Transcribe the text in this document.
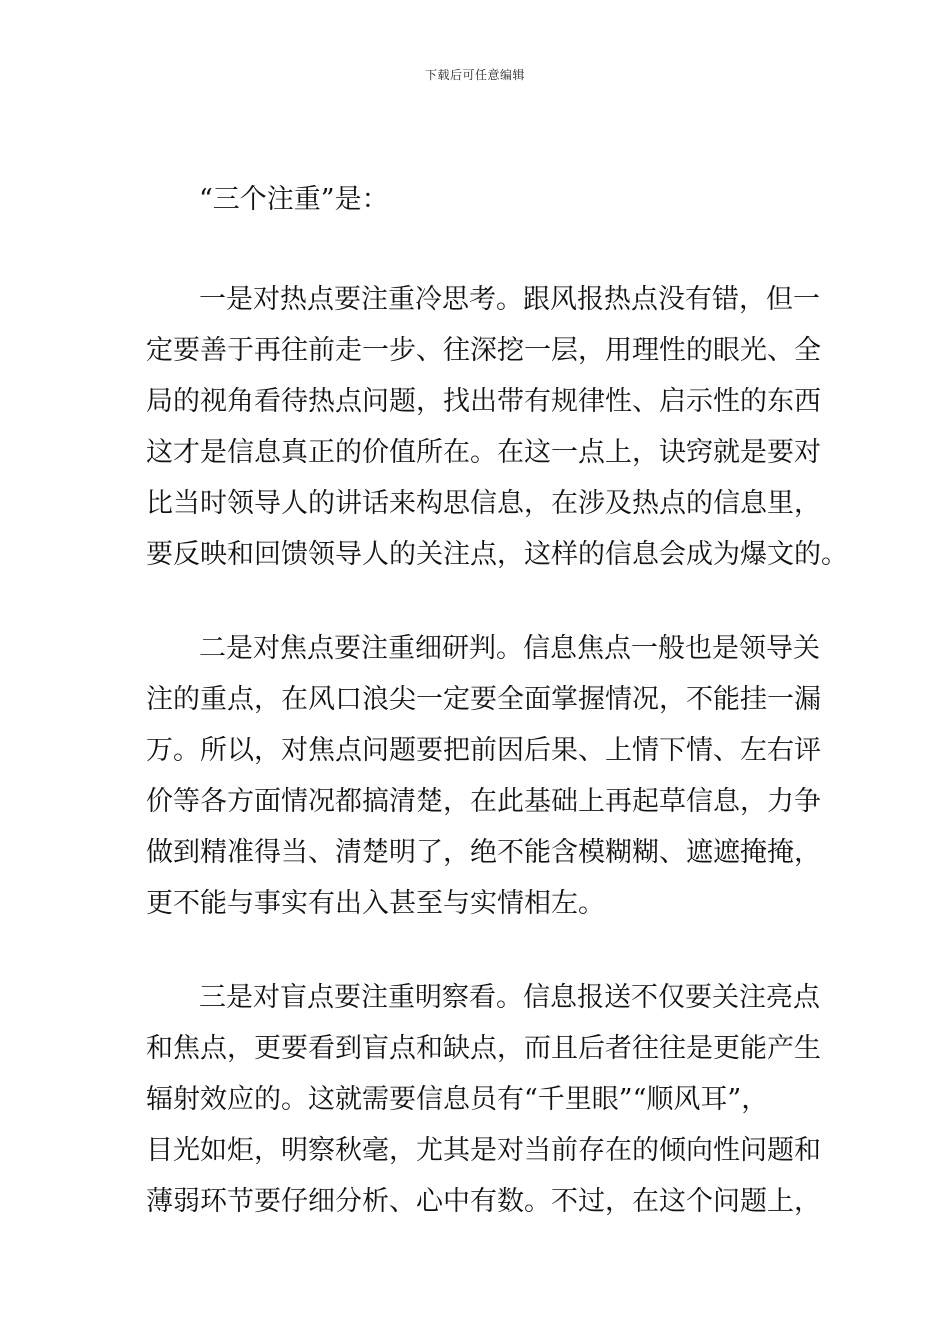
下载后可任意编辑
“三个注重”是：
一是对热点要注重冷思考。跟风报热点没有错，但一
定要善于再往前走一步、往深挖一层，用理性的眼光、全
局的视角看待热点问题，找出带有规律性、启示性的东西
这才是信息真正的价值所在。在这一点上，诀窍就是要对
比当时领导人的讲话来构思信息，在涉及热点的信息里，
要反映和回馈领导人的关注点，这样的信息会成为爆文的。
二是对焦点要注重细研判。信息焦点一般也是领导关
注的重点，在风口浪尖一定要全面掌握情况，不能挂一漏
万。所以，对焦点问题要把前因后果、上情下情、左右评
价等各方面情况都搞清楚，在此基础上再起草信息，力争
做到精准得当、清楚明了，绝不能含模糊糊、遮遮掩掩，
更不能与事实有出入甚至与实情相左。
三是对盲点要注重明察看。信息报送不仅要关注亮点
和焦点，更要看到盲点和缺点，而且后者往往是更能产生
辐射效应的。这就需要信息员有“千里眼”“顺风耳”，
目光如炬，明察秋毫，尤其是对当前存在的倾向性问题和
薄弱环节要仔细分析、心中有数。不过，在这个问题上，
